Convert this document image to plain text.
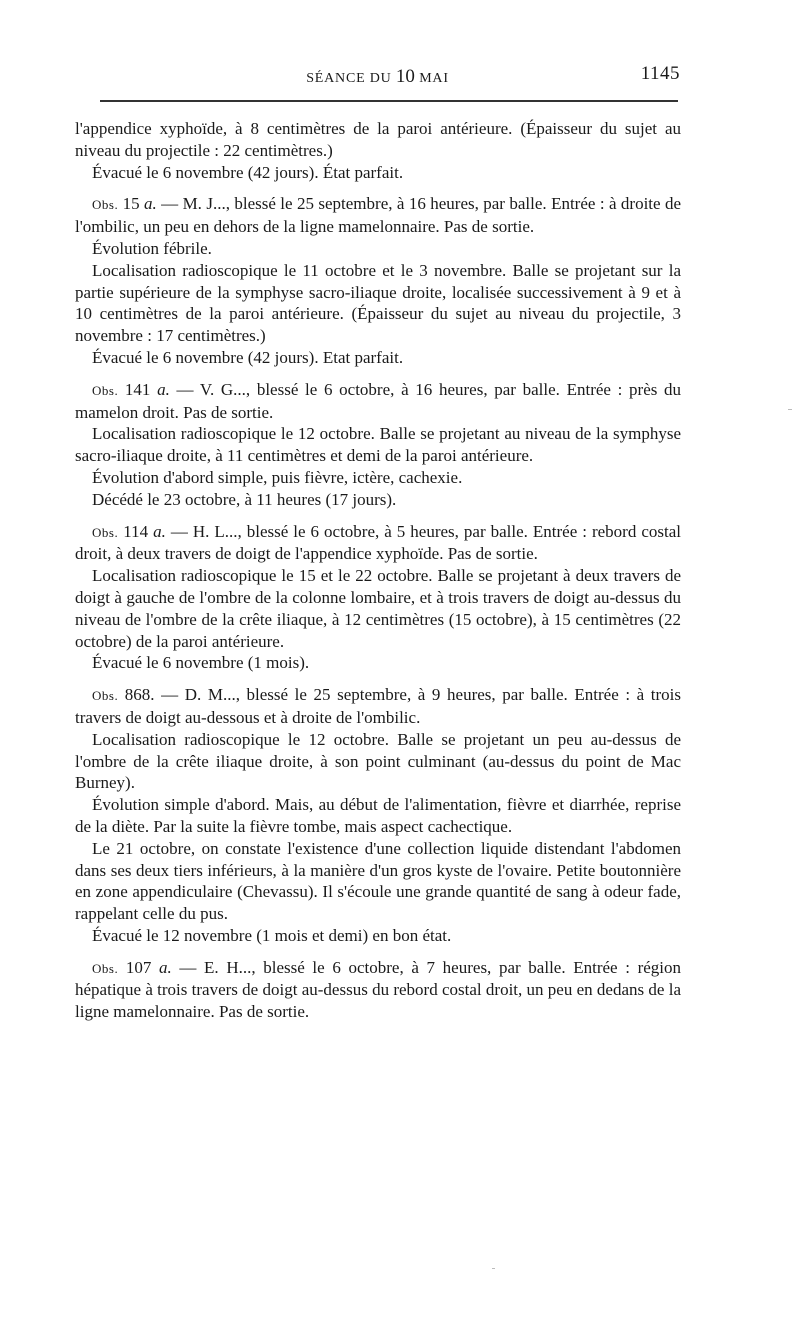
SÉANCE DU 10 MAI	1145

l'appendice xyphoïde, à 8 centimètres de la paroi antérieure. (Épaisseur du sujet au niveau du projectile : 22 centimètres.)

Évacué le 6 novembre (42 jours). État parfait.

Obs. 15 a. — M. J..., blessé le 25 septembre, à 16 heures, par balle. Entrée : à droite de l'ombilic, un peu en dehors de la ligne mamelonnaire. Pas de sortie.

Évolution fébrile.

Localisation radioscopique le 11 octobre et le 3 novembre. Balle se projetant sur la partie supérieure de la symphyse sacro-iliaque droite, localisée successivement à 9 et à 10 centimètres de la paroi antérieure. (Épaisseur du sujet au niveau du projectile, 3 novembre : 17 centimètres.)

Évacué le 6 novembre (42 jours). Etat parfait.

Obs. 141 a. — V. G..., blessé le 6 octobre, à 16 heures, par balle. Entrée : près du mamelon droit. Pas de sortie.

Localisation radioscopique le 12 octobre. Balle se projetant au niveau de la symphyse sacro-iliaque droite, à 11 centimètres et demi de la paroi antérieure.

Évolution d'abord simple, puis fièvre, ictère, cachexie.

Décédé le 23 octobre, à 11 heures (17 jours).

Obs. 114 a. — H. L..., blessé le 6 octobre, à 5 heures, par balle. Entrée : rebord costal droit, à deux travers de doigt de l'appendice xyphoïde. Pas de sortie.

Localisation radioscopique le 15 et le 22 octobre. Balle se projetant à deux travers de doigt à gauche de l'ombre de la colonne lombaire, et à trois travers de doigt au-dessus du niveau de l'ombre de la crête iliaque, à 12 centimètres (15 octobre), à 15 centimètres (22 octobre) de la paroi antérieure.

Évacué le 6 novembre (1 mois).

Obs. 868. — D. M..., blessé le 25 septembre, à 9 heures, par balle. Entrée : à trois travers de doigt au-dessous et à droite de l'ombilic.

Localisation radioscopique le 12 octobre. Balle se projetant un peu au-dessus de l'ombre de la crête iliaque droite, à son point culminant (au-dessus du point de Mac Burney).

Évolution simple d'abord. Mais, au début de l'alimentation, fièvre et diarrhée, reprise de la diète. Par la suite la fièvre tombe, mais aspect cachectique.

Le 21 octobre, on constate l'existence d'une collection liquide distendant l'abdomen dans ses deux tiers inférieurs, à la manière d'un gros kyste de l'ovaire. Petite boutonnière en zone appendiculaire (Chevassu). Il s'écoule une grande quantité de sang à odeur fade, rappelant celle du pus.

Évacué le 12 novembre (1 mois et demi) en bon état.

Obs. 107 a. — E. H..., blessé le 6 octobre, à 7 heures, par balle. Entrée : région hépatique à trois travers de doigt au-dessus du rebord costal droit, un peu en dedans de la ligne mamelonnaire. Pas de sortie.
